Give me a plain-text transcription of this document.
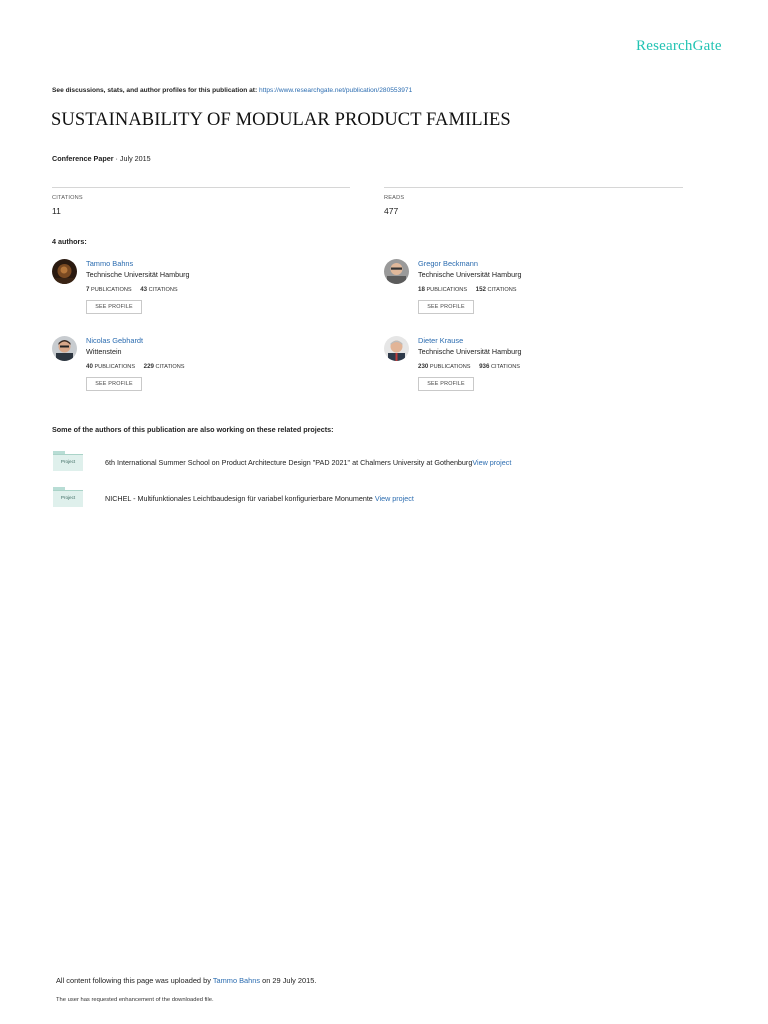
ResearchGate
See discussions, stats, and author profiles for this publication at: https://www.researchgate.net/publication/280553971
SUSTAINABILITY OF MODULAR PRODUCT FAMILIES
Conference Paper · July 2015
CITATIONS
11
READS
477
4 authors:
Tammo Bahns
Technische Universität Hamburg
7 PUBLICATIONS 43 CITATIONS
SEE PROFILE
Gregor Beckmann
Technische Universität Hamburg
18 PUBLICATIONS 152 CITATIONS
SEE PROFILE
Nicolas Gebhardt
Wittenstein
40 PUBLICATIONS 229 CITATIONS
SEE PROFILE
Dieter Krause
Technische Universität Hamburg
230 PUBLICATIONS 936 CITATIONS
SEE PROFILE
Some of the authors of this publication are also working on these related projects:
Project	6th International Summer School on Product Architecture Design "PAD 2021" at Chalmers University at GothenburgView project
Project	NICHEL - Multifunktionales Leichtbaudesign für variabel konfigurierbare Monumente View project
All content following this page was uploaded by Tammo Bahns on 29 July 2015.
The user has requested enhancement of the downloaded file.
